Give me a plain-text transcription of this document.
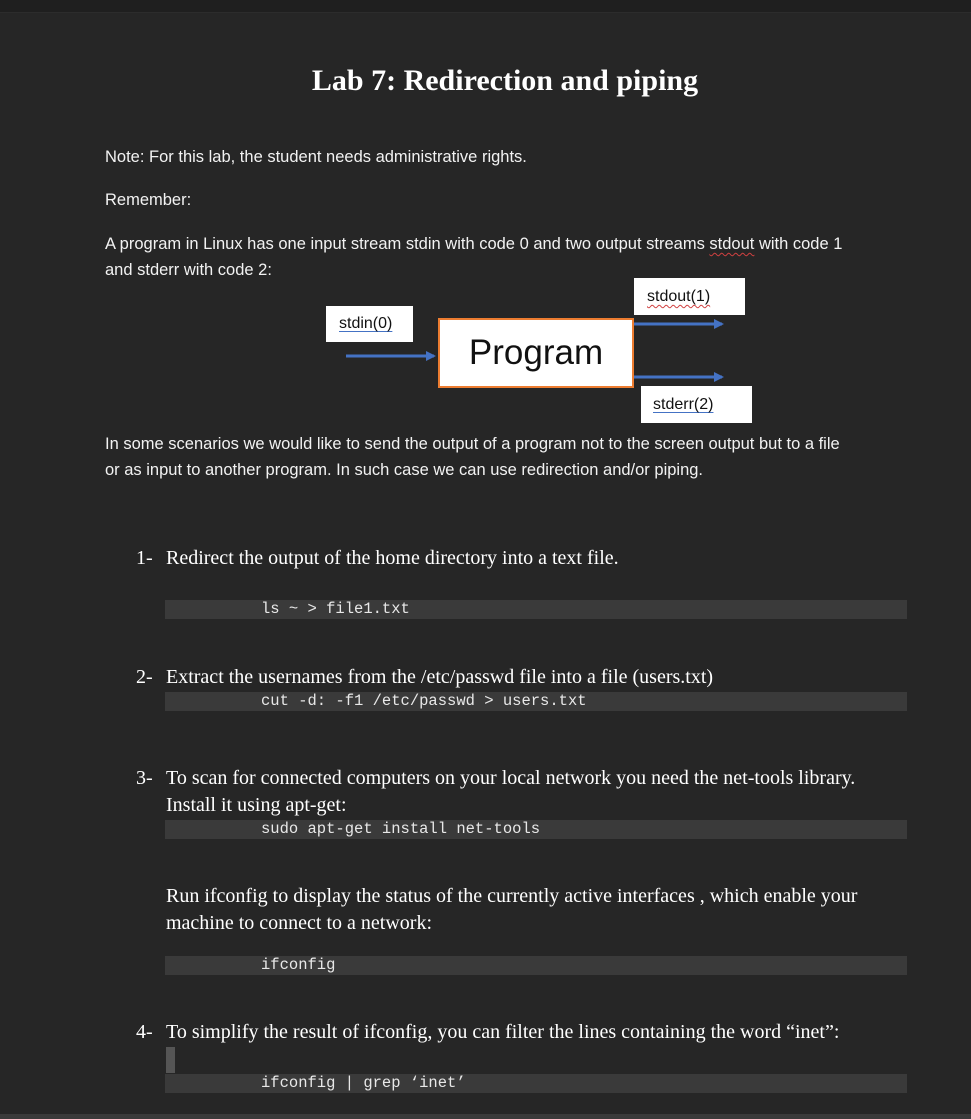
Lab 7: Redirection and piping
Note: For this lab, the student needs administrative rights.
Remember:
A program in Linux has one input stream stdin with code 0 and two output streams stdout with code 1
and stderr with code 2:
stdin(0)
Program
stdout(1)
stderr(2)
In some scenarios we would like to send the output of a program not to the screen output but to a file
or as input to another program. In such case we can use redirection and/or piping.
1- Redirect the output of the home directory into a text file.
ls ~ > file1.txt
2- Extract the usernames from the /etc/passwd file into a file (users.txt)
cut -d: -f1 /etc/passwd > users.txt
3- To scan for connected computers on your local network you need the net-tools library.
Install it using apt-get:
sudo apt-get install net-tools
Run ifconfig to display the status of the currently active interfaces , which enable your
machine to connect to a network:
ifconfig
4- To simplify the result of ifconfig, you can filter the lines containing the word “inet”:
ifconfig | grep ‘inet’
